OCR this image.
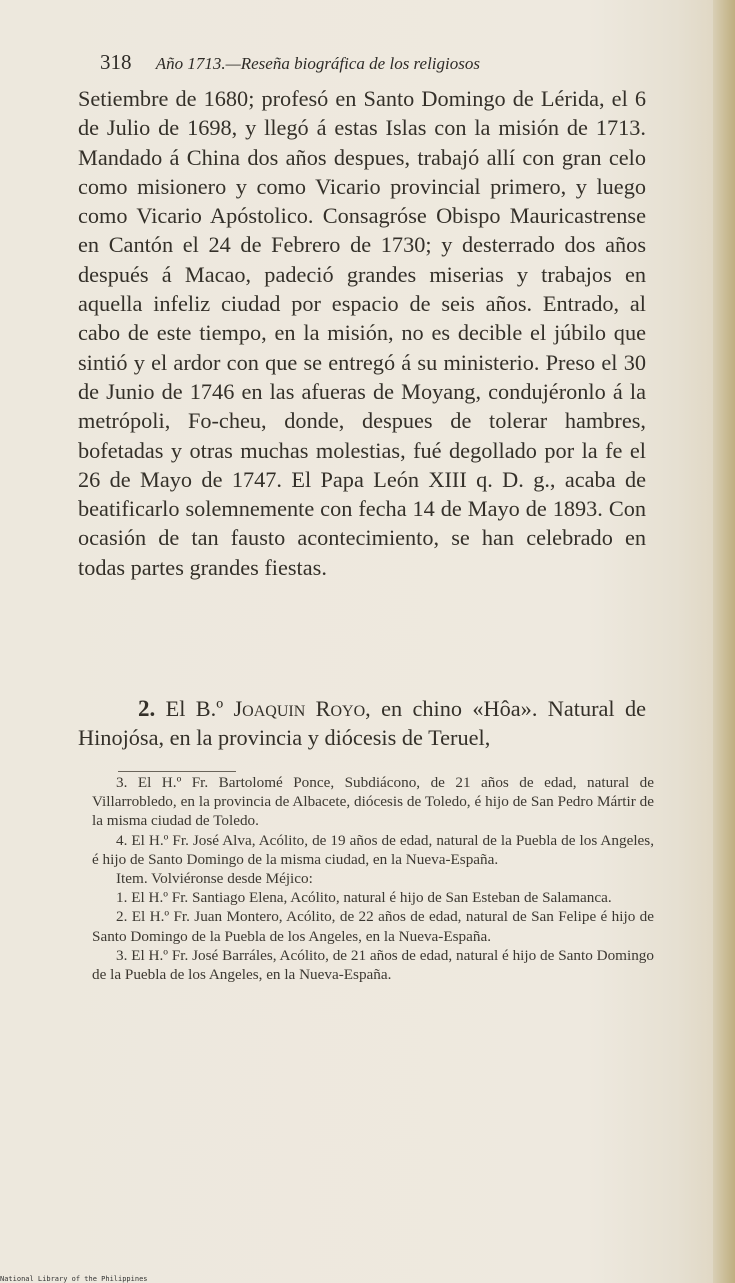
318 Año 1713.—Reseña biográfica de los religiosos

Setiembre de 1680; profesó en Santo Domingo de Lérida, el 6 de Julio de 1698, y llegó á estas Islas con la misión de 1713. Mandado á China dos años despues, trabajó allí con gran celo como misionero y como Vicario provincial primero, y luego como Vicario Apóstolico. Consagróse Obispo Mauricastrense en Cantón el 24 de Febrero de 1730; y desterrado dos años después á Macao, padeció grandes miserias y trabajos en aquella infeliz ciudad por espacio de seis años. Entrado, al cabo de este tiempo, en la misión, no es decible el júbilo que sintió y el ardor con que se entregó á su ministerio. Preso el 30 de Junio de 1746 en las afueras de Moyang, condujéronlo á la metrópoli, Fo-cheu, donde, despues de tolerar hambres, bofetadas y otras muchas molestias, fué degollado por la fe el 26 de Mayo de 1747. El Papa León XIII q. D. g., acaba de beatificarlo solemnemente con fecha 14 de Mayo de 1893. Con ocasión de tan fausto acontecimiento, se han celebrado en todas partes grandes fiestas.

2. El B.º Joaquin Royo, en chino «Hôa». Natural de Hinojósa, en la provincia y diócesis de Teruel,

3. El H.º Fr. Bartolomé Ponce, Subdiácono, de 21 años de edad, natural de Villarrobledo, en la provincia de Albacete, diócesis de Toledo, é hijo de San Pedro Mártir de la misma ciudad de Toledo.

4. El H.º Fr. José Alva, Acólito, de 19 años de edad, natural de la Puebla de los Angeles, é hijo de Santo Domingo de la misma ciudad, en la Nueva-España.

Item. Volviéronse desde Méjico:

1. El H.º Fr. Santiago Elena, Acólito, natural é hijo de San Esteban de Salamanca.

2. El H.º Fr. Juan Montero, Acólito, de 22 años de edad, natural de San Felipe é hijo de Santo Domingo de la Puebla de los Angeles, en la Nueva-España.

3. El H.º Fr. José Barráles, Acólito, de 21 años de edad, natural é hijo de Santo Domingo de la Puebla de los Angeles, en la Nueva-España.

National Library of the Philippines
